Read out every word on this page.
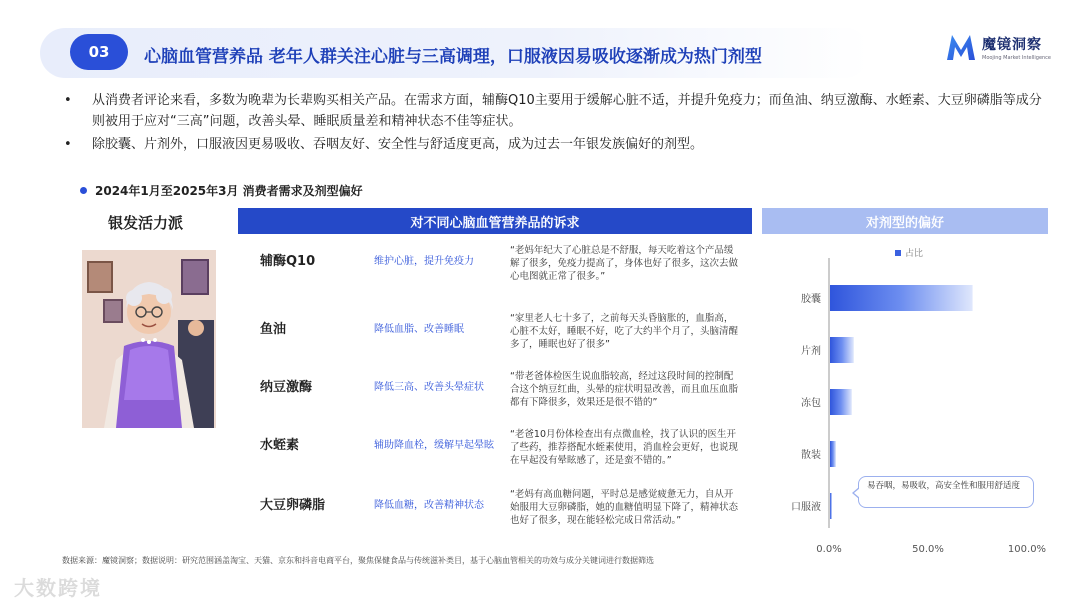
03	心脑血管营养品 老年人群关注心脏与三高调理，口服液因易吸收逐渐成为热门剂型
魔镜洞察
Moojing Market Intelligence
• 从消费者评论来看，多数为晚辈为长辈购买相关产品。在需求方面，辅酶Q10主要用于缓解心脏不适，并提升免疫力；而鱼油、纳豆激酶、水蛭素、大豆卵磷脂等成分则被用于应对“三高”问题，改善头晕、睡眠质量差和精神状态不佳等症状。
• 除胶囊、片剂外，口服液因更易吸收、吞咽友好、安全性与舒适度更高，成为过去一年银发族偏好的剂型。
2024年1月至2025年3月 消费者需求及剂型偏好
银发活力派	对不同心脑血管营养品的诉求	对剂型的偏好
辅酶Q10	维护心脏，提升免疫力
“老妈年纪大了心脏总是不舒服，每天吃着这个产品缓解了很多，免疫力提高了，身体也好了很多，这次去做心电图就正常了很多。”
鱼油	降低血脂、改善睡眠
“家里老人七十多了，之前每天头昏脑胀的，血脂高，心脏不太好，睡眠不好，吃了大约半个月了，头脑清醒多了，睡眠也好了很多”
纳豆激酶	降低三高、改善头晕症状
“带老爸体检医生说血脂较高，经过这段时间的控制配合这个纳豆红曲，头晕的症状明显改善，而且血压血脂都有下降很多，效果还是很不错的”
水蛭素	辅助降血栓，缓解早起晕眩
“老爸10月份体检查出有点微血栓，找了认识的医生开了些药，推荐搭配水蛭素使用，消血栓会更好，也说现在早起没有晕眩感了，还是蛮不错的。”
大豆卵磷脂	降低血糖，改善精神状态
“老妈有高血糖问题，平时总是感觉疲惫无力，自从开始服用大豆卵磷脂，她的血糖值明显下降了，精神状态也好了很多，现在能轻松完成日常活动。”
占比
胶囊
片剂
冻包
散装
口服液
0.0%	50.0%	100.0%
易吞咽，易吸收，高安全性和服用舒适度
数据来源：魔镜洞察；数据说明：研究范围涵盖淘宝、天猫、京东和抖音电商平台，聚焦保健食品与传统滋补类目，基于心脑血管相关的功效与成分关键词进行数据筛选
大数跨境
